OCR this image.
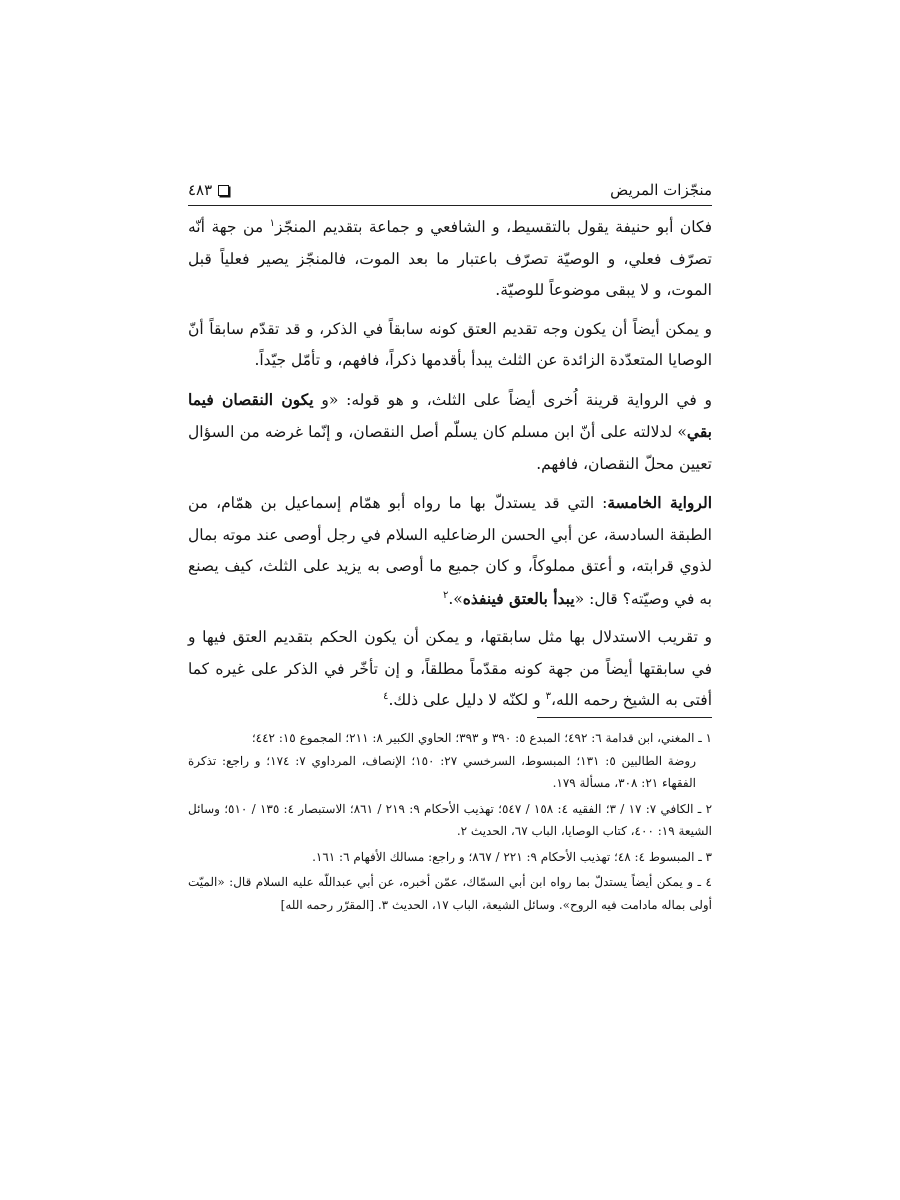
منجّزات المريض
٤٨٣

فكان أبو حنيفة يقول بالتقسيط، و الشافعي و جماعة بتقديم المنجّز$^١$ من جهة أنّه تصرّف فعلي، و الوصيّة تصرّف باعتبار ما بعد الموت، فالمنجّز يصير فعلياً قبل الموت، و لا يبقى موضوعاً للوصيّة.

و يمكن أيضاً أن يكون وجه تقديم العتق كونه سابقاً في الذكر، و قد تقدّم سابقاً أنّ الوصايا المتعدّدة الزائدة عن الثلث يبدأ بأقدمها ذكراً، فافهم، و تأمّل جيّداً.

و في الرواية قرينة اُخرى أيضاً على الثلث، و هو قوله: «و يكون النقصان فيما بقي» لدلالته على أنّ ابن مسلم كان يسلّم أصل النقصان، و إنّما غرضه من السؤال تعيين محلّ النقصان، فافهم.

الرواية الخامسة: التي قد يستدلّ بها ما رواه أبو همّام إسماعيل بن همّام، من الطبقة السادسة، عن أبي الحسن الرضاعليه السلام في رجل أوصى عند موته بمال لذوي قرابته، و أعتق مملوكاً، و كان جميع ما أوصى به يزيد على الثلث، كيف يصنع به في وصيّته؟ قال: «يبدأ بالعتق فينفذه».$^٢$

و تقريب الاستدلال بها مثل سابقتها، و يمكن أن يكون الحكم بتقديم العتق فيها و في سابقتها أيضاً من جهة كونه مقدّماً مطلقاً، و إن تأخّر في الذكر على غيره كما أفتى به الشيخ رحمه الله،$^٣$ و لكنّه لا دليل على ذلك.$^٤$

١ ـ المغني، ابن قدامة ٦: ٤٩٢؛ المبدع ٥: ٣٩٠ و ٣٩٣؛ الحاوي الكبير ٨: ٢١١؛ المجموع ١٥: ٤٤٢؛
روضة الطالبين ٥: ١٣١؛ المبسوط، السرخسي ٢٧: ١٥٠؛ الإنصاف، المرداوي ٧: ١٧٤؛ و راجع: تذكرة الفقهاء ٢١: ٣٠٨، مسألة ١٧٩.
٢ ـ الكافي ٧: ١٧ / ٣؛ الفقيه ٤: ١٥٨ / ٥٤٧؛ تهذيب الأحكام ٩: ٢١٩ / ٨٦١؛ الاستبصار ٤: ١٣٥ / ٥١٠؛ وسائل الشيعة ١٩: ٤٠٠، كتاب الوصايا، الباب ٦٧، الحديث ٢.
٣ ـ المبسوط ٤: ٤٨؛ تهذيب الأحكام ٩: ٢٢١ / ٨٦٧؛ و راجع: مسالك الأفهام ٦: ١٦١.
٤ ـ و يمكن أيضاً يستدلّ بما رواه ابن أبي السمّاك، عمّن أخبره، عن أبي عبداللّه عليه السلام قال: «الميّت أولى بماله مادامت فيه الروح». وسائل الشيعة، الباب ١٧، الحديث ٣. [المقرّر رحمه الله]
